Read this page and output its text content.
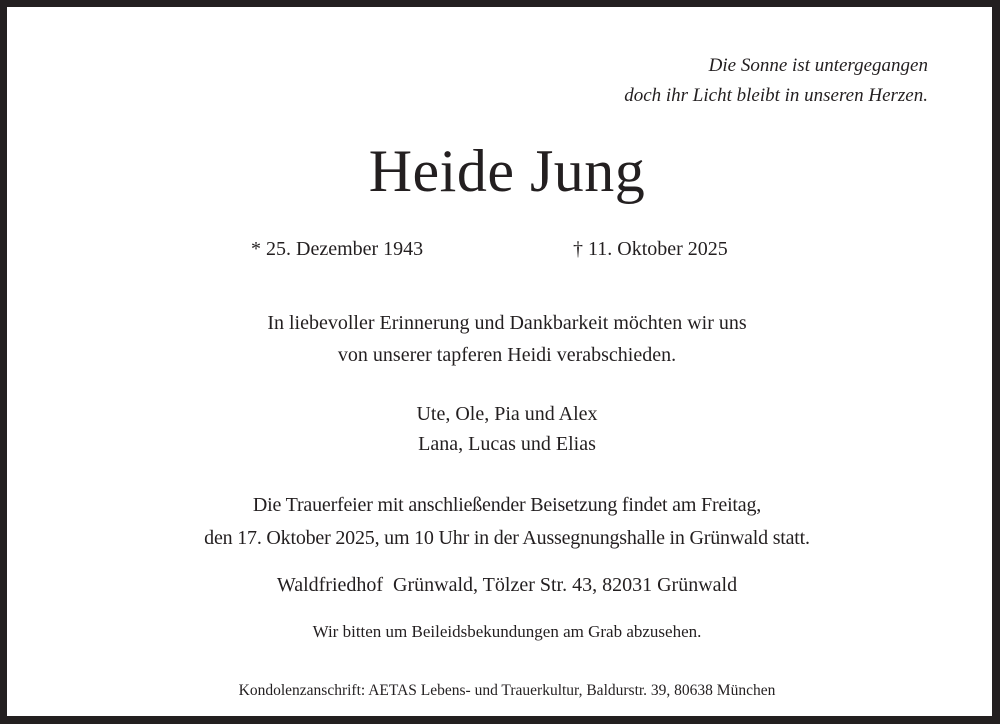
Die Sonne ist untergegangen
doch ihr Licht bleibt in unseren Herzen.
Heide Jung
* 25. Dezember 1943	† 11. Oktober 2025
In liebevoller Erinnerung und Dankbarkeit möchten wir uns
von unserer tapferen Heidi verabschieden.
Ute, Ole, Pia und Alex
Lana, Lucas und Elias
Die Trauerfeier mit anschließender Beisetzung findet am Freitag,
den 17. Oktober 2025, um 10 Uhr in der Aussegnungshalle in Grünwald statt.
Waldfriedhof  Grünwald, Tölzer Str. 43, 82031 Grünwald
Wir bitten um Beileidsbekundungen am Grab abzusehen.
Kondolenzanschrift: AETAS Lebens- und Trauerkultur, Baldurstr. 39, 80638 München
